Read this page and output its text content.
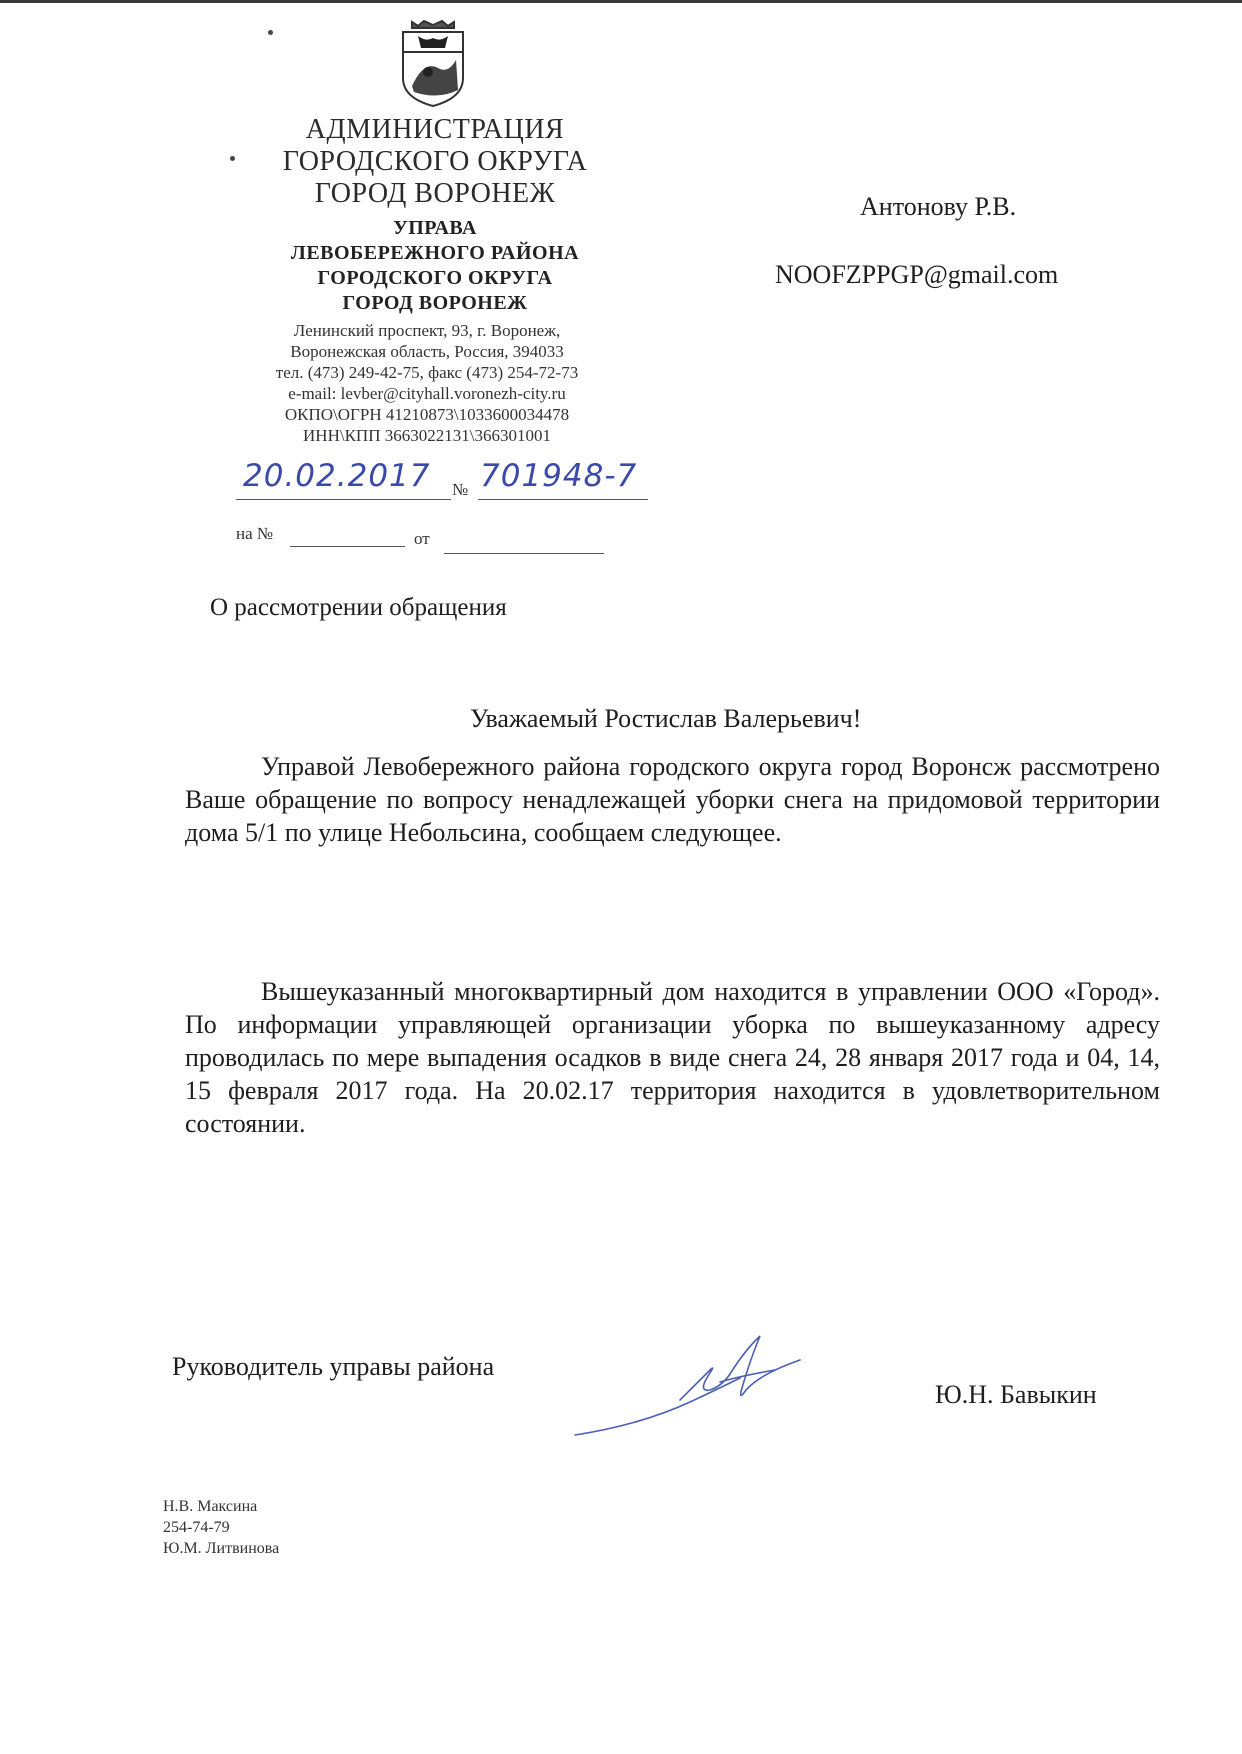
АДМИНИСТРАЦИЯ
ГОРОДСКОГО ОКРУГА
ГОРОД ВОРОНЕЖ
УПРАВА
ЛЕВОБЕРЕЖНОГО РАЙОНА
ГОРОДСКОГО ОКРУГА
ГОРОД ВОРОНЕЖ
Ленинский проспект, 93, г. Воронеж,
Воронежская область, Россия, 394033
тел. (473) 249-42-75, факс (473) 254-72-73
e-mail: levber@cityhall.voronezh-city.ru
ОКПО\ОГРН 41210873\1033600034478
ИНН\КПП 3663022131\366301001
20.02.2017 № 701948-7
на №	от
Антонову Р.В.
NOOFZPPGP@gmail.com
О рассмотрении обращения
Уважаемый Ростислав Валерьевич!
Управой Левобережного района городского округа город Воронсж рассмотрено Ваше обращение по вопросу ненадлежащей уборки снега на придомовой территории дома 5/1 по улице Небольсина, сообщаем следующее.
Вышеуказанный многоквартирный дом находится в управлении ООО «Город». По информации управляющей организации уборка по вышеуказанному адресу проводилась по мере выпадения осадков в виде снега 24, 28 января 2017 года и 04, 14, 15 февраля 2017 года. На 20.02.17 территория находится в удовлетворительном состоянии.
Руководитель управы района
Ю.Н. Бавыкин
Н.В. Максина
254-74-79
Ю.М. Литвинова
